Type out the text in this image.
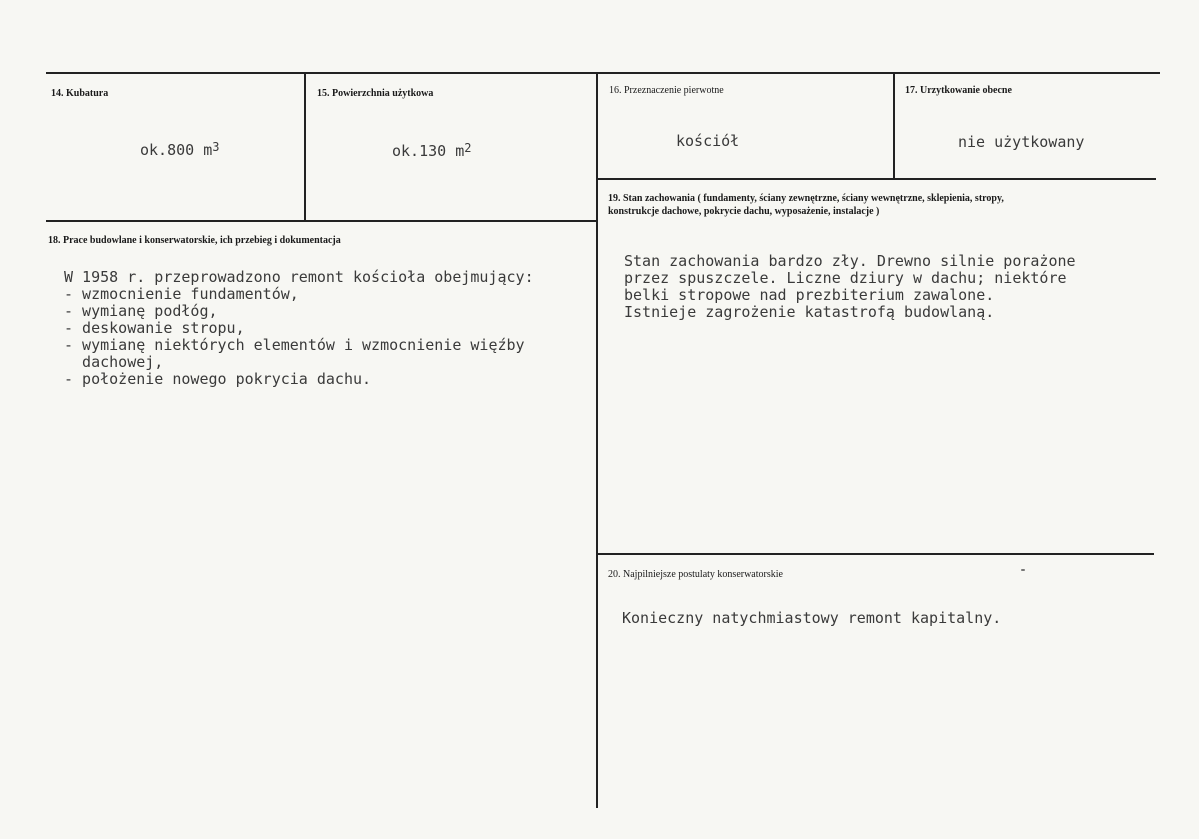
14. Kubatura
ok.800 $m^3$
15. Powierzchnia użytkowa
ok.130 $m^2$
16. Przeznaczenie pierwotne
kościół
17. Urzytkowanie obecne
nie użytkowany
18. Prace budowlane i konserwatorskie, ich przebieg i dokumentacja
W 1958 r. przeprowadzono remont kościoła obejmujący:
- wzmocnienie fundamentów,
- wymianę podłóg,
- deskowanie stropu,
- wymianę niektórych elementów i wzmocnienie więźby
dachowej,
- położenie nowego pokrycia dachu.
19. Stan zachowania ( fundamenty, ściany zewnętrzne, ściany wewnętrzne, sklepienia, stropy,
konstrukcje dachowe, pokrycie dachu, wyposażenie, instalacje )
Stan zachowania bardzo zły. Drewno silnie porażone
przez spuszczele. Liczne dziury w dachu; niektóre
belki stropowe nad prezbiterium zawalone.
Istnieje zagrożenie katastrofą budowlaną.
20. Najpilniejsze postulaty konserwatorskie
Konieczny natychmiastowy remont kapitalny.
